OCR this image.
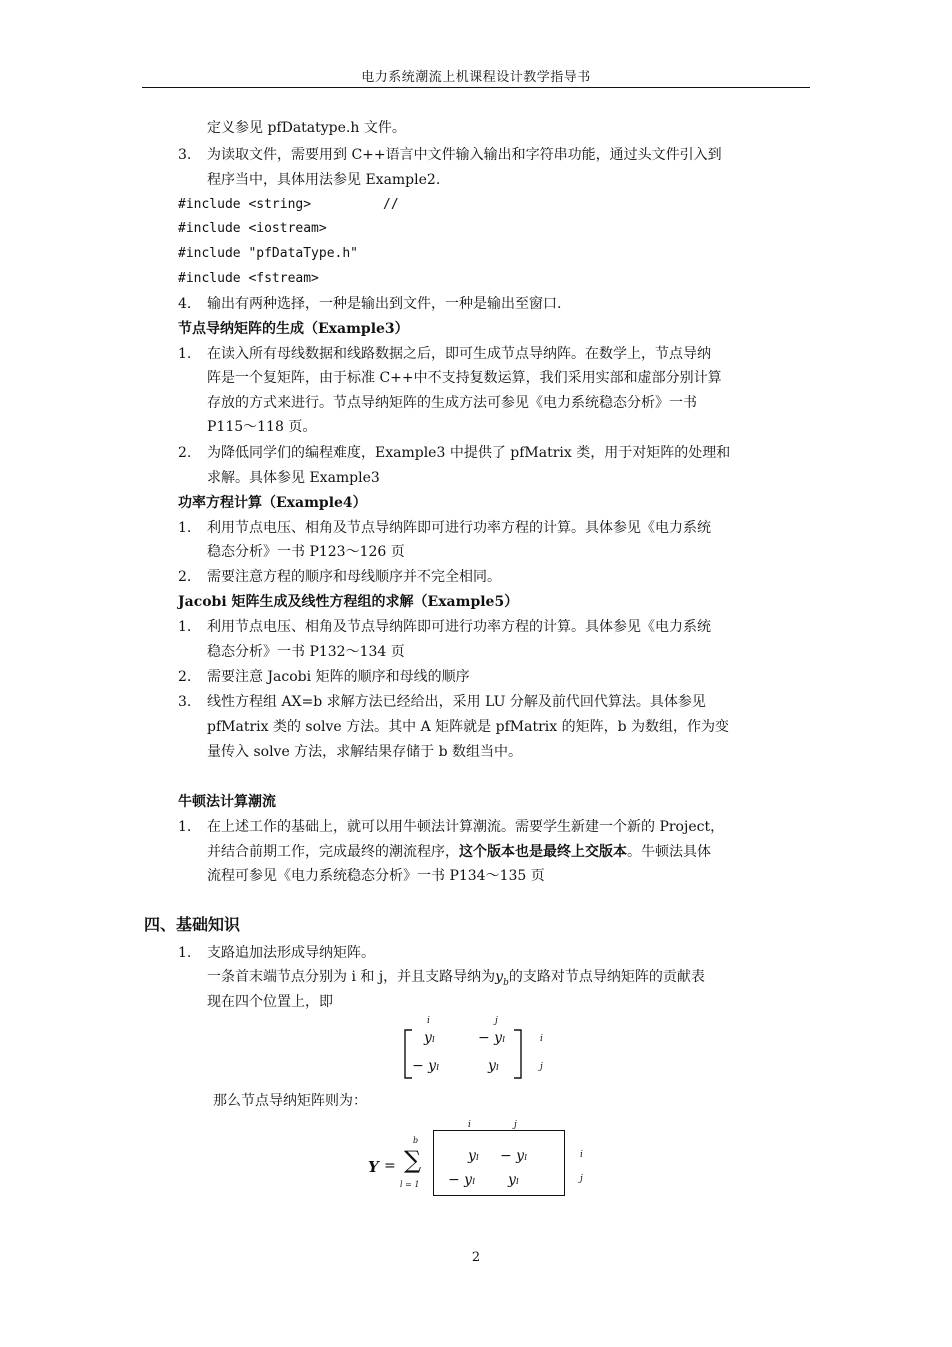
电力系统潮流上机课程设计教学指导书
定义参见 pfDatatype.h 文件。
3. 为读取文件，需要用到 C++语言中文件输入输出和字符串功能，通过头文件引入到
程序当中，具体用法参见 Example2.
#include <string>	//
#include <iostream>
#include "pfDataType.h"
#include <fstream>
4. 输出有两种选择，一种是输出到文件，一种是输出至窗口.
节点导纳矩阵的生成（Example3）
1. 在读入所有母线数据和线路数据之后，即可生成节点导纳阵。在数学上，节点导纳
阵是一个复矩阵，由于标准 C++中不支持复数运算，我们采用实部和虚部分别计算
存放的方式来进行。节点导纳矩阵的生成方法可参见《电力系统稳态分析》一书
P115～118 页。
2. 为降低同学们的编程难度，Example3 中提供了 pfMatrix 类，用于对矩阵的处理和
求解。具体参见 Example3
功率方程计算（Example4）
1. 利用节点电压、相角及节点导纳阵即可进行功率方程的计算。具体参见《电力系统
稳态分析》一书 P123～126 页
2. 需要注意方程的顺序和母线顺序并不完全相同。
Jacobi 矩阵生成及线性方程组的求解（Example5）
1. 利用节点电压、相角及节点导纳阵即可进行功率方程的计算。具体参见《电力系统
稳态分析》一书 P132～134 页
2. 需要注意 Jacobi 矩阵的顺序和母线的顺序
3. 线性方程组 AX=b 求解方法已经给出，采用 LU 分解及前代回代算法。具体参见
pfMatrix 类的 solve 方法。其中 A 矩阵就是 pfMatrix 的矩阵，b 为数组，作为变
量传入 solve 方法，求解结果存储于 b 数组当中。
牛顿法计算潮流
1. 在上述工作的基础上，就可以用牛顿法计算潮流。需要学生新建一个新的 Project，
并结合前期工作，完成最终的潮流程序，这个版本也是最终上交版本。牛顿法具体
流程可参见《电力系统稳态分析》一书 P134～135 页
四、基础知识
1. 支路追加法形成导纳矩阵。
一条首末端节点分别为 i 和 j，并且支路导纳为$y_b$的支路对节点导纳矩阵的贡献表
现在四个位置上，即
i	j
yₗ	− yₗ
− yₗ	yₗ
i
j
那么节点导纳矩阵则为：
Y =
b
∑
l = 1
i	j
yₗ − yₗ
− yₗ yₗ
i
j
2
